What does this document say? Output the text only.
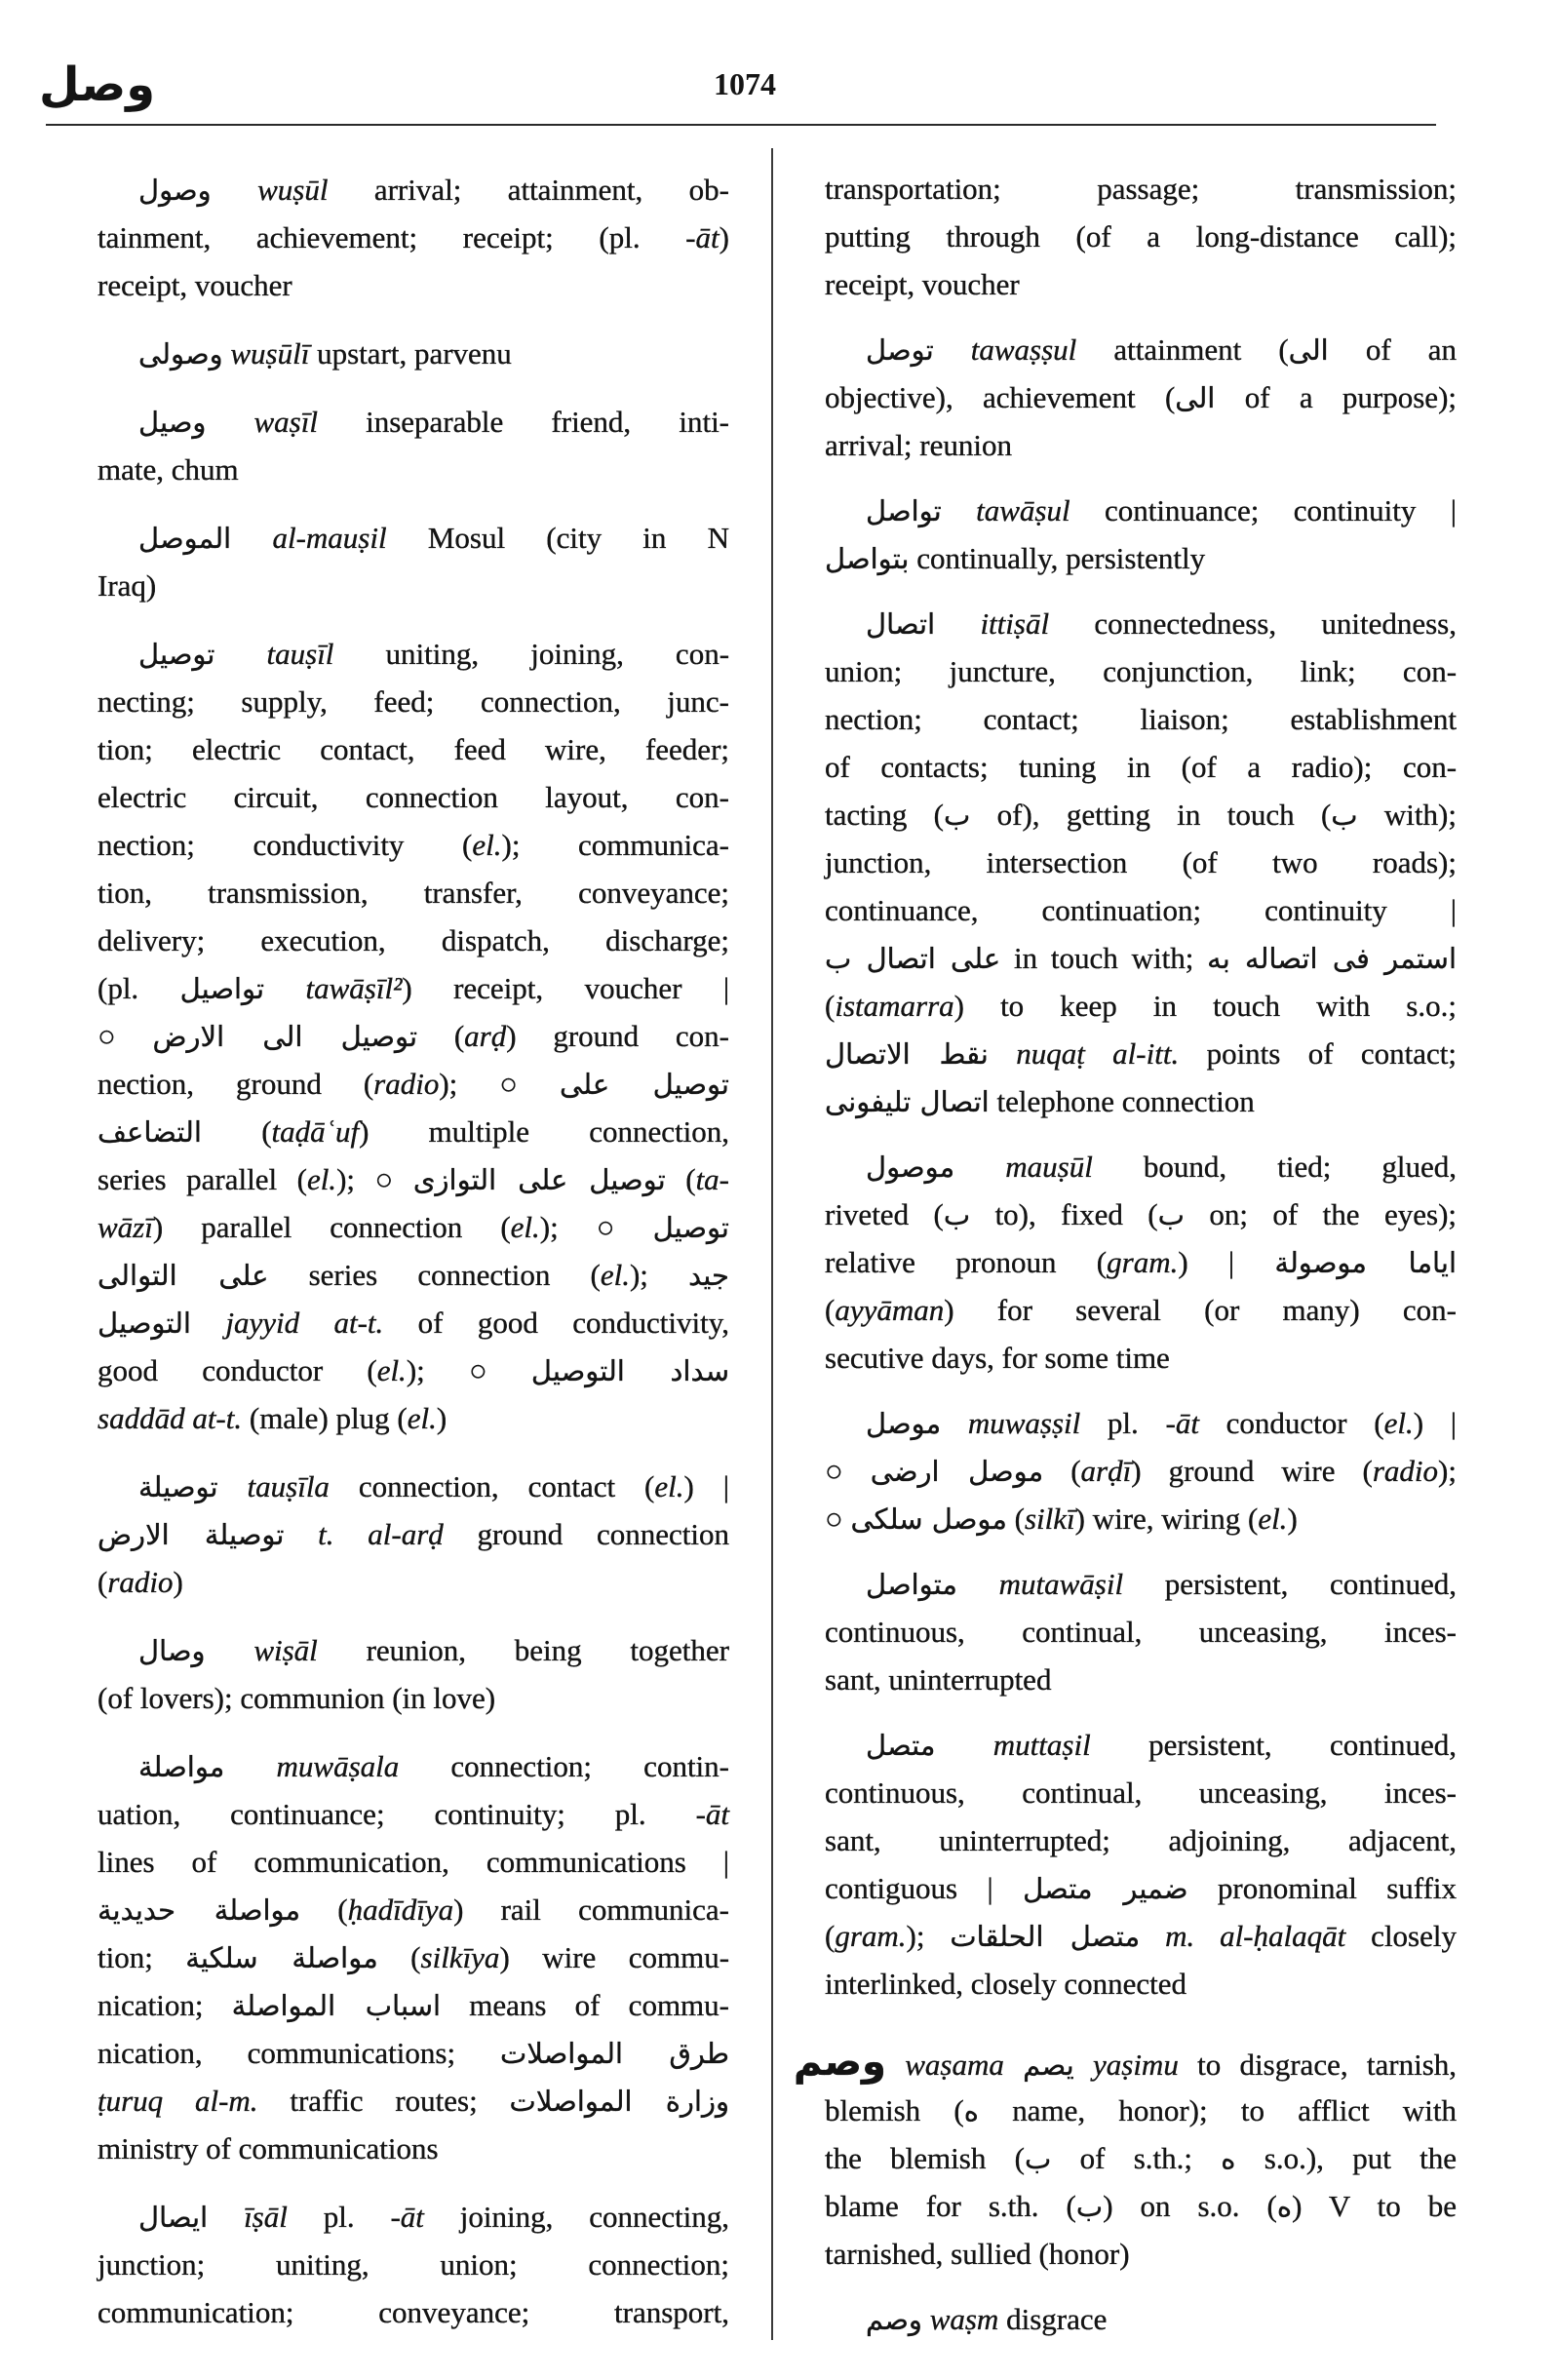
وصل	1074
وصول wuṣūl arrival; attainment, ob-
tainment, achievement; receipt; (pl. -āt)
receipt, voucher
وصولى wuṣūlī upstart, parvenu
وصيل waṣīl inseparable friend, inti-
mate, chum
الموصل al-mauṣil Mosul (city in N
Iraq)
توصيل tauṣīl uniting, joining, con-
necting; supply, feed; connection, junc-
tion; electric contact, feed wire, feeder;
electric circuit, connection layout, con-
nection; conductivity (el.); communica-
tion, transmission, transfer, conveyance;
delivery; execution, dispatch, discharge;
(pl. تواصيل tawāṣīl²) receipt, voucher |
○ توصيل الى الارض (arḍ) ground con-
nection, ground (radio); ○ توصيل على
التضاعف (taḍāʿuf) multiple connection,
series parallel (el.); ○ توصيل على التوازى (ta-
wāzī) parallel connection (el.); ○ توصيل
على التوالى series connection (el.); جيد
التوصيل jayyid at-t. of good conductivity,
good conductor (el.); ○ سداد التوصيل
saddād at-t. (male) plug (el.)
توصيلة tauṣīla connection, contact (el.) |
توصيلة الارض t. al-arḍ ground connection
(radio)
وصال wiṣāl reunion, being together
(of lovers); communion (in love)
مواصلة muwāṣala connection; contin-
uation, continuance; continuity; pl. -āt
lines of communication, communications |
مواصلة حديدية (ḥadīdīya) rail communica-
tion; مواصلة سلكية (silkīya) wire commu-
nication; اسباب المواصلة means of commu-
nication, communications; طرق المواصلات
ṭuruq al-m. traffic routes; وزارة المواصلات
ministry of communications
ايصال īṣāl pl. -āt joining, connecting,
junction; uniting, union; connection;
communication; conveyance; transport,
transportation; passage; transmission;
putting through (of a long-distance call);
receipt, voucher
توصل tawaṣṣul attainment (الى of an
objective), achievement (الى of a purpose);
arrival; reunion
تواصل tawāṣul continuance; continuity |
بتواصل continually, persistently
اتصال ittiṣāl connectedness, unitedness,
union; juncture, conjunction, link; con-
nection; contact; liaison; establishment
of contacts; tuning in (of a radio); con-
tacting (ب of), getting in touch (ب with);
junction, intersection (of two roads);
continuance, continuation; continuity |
على اتصال ب in touch with; استمر فى اتصاله به
(istamarra) to keep in touch with s.o.;
نقط الاتصال nuqaṭ al-itt. points of contact;
اتصال تليفونى telephone connection
موصول mauṣūl bound, tied; glued,
riveted (ب to), fixed (ب on; of the eyes);
relative pronoun (gram.) | اياما موصولة
(ayyāman) for several (or many) con-
secutive days, for some time
موصل muwaṣṣil pl. -āt conductor (el.) |
○ موصل ارضى (arḍī) ground wire (radio);
○ موصل سلكى (silkī) wire, wiring (el.)
متواصل mutawāṣil persistent, continued,
continuous, continual, unceasing, inces-
sant, uninterrupted
متصل muttaṣil persistent, continued,
continuous, continual, unceasing, inces-
sant, uninterrupted; adjoining, adjacent,
contiguous | ضمير متصل pronominal suffix
(gram.); متصل الحلقات m. al-ḥalaqāt closely
interlinked, closely connected
وصم waṣama يصم yaṣimu to disgrace, tarnish,
blemish (ه name, honor); to afflict with
the blemish (ب of s.th.; ه s.o.), put the
blame for s.th. (ب) on s.o. (ه) V to be
tarnished, sullied (honor)
وصم waṣm disgrace
